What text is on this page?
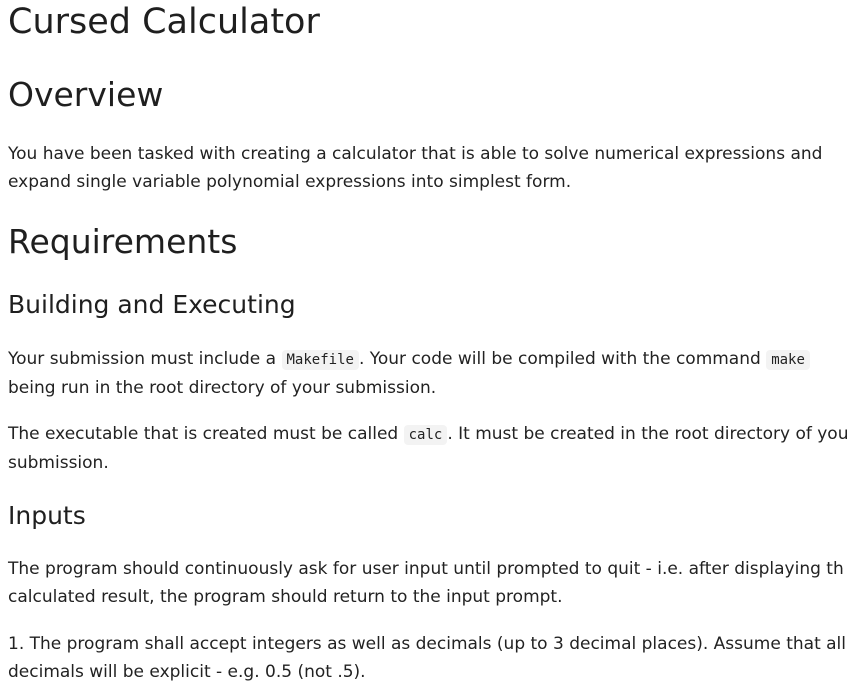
Cursed Calculator
Overview

You have been tasked with creating a calculator that is able to solve numerical expressions and
expand single variable polynomial expressions into simplest form.

Requirements
Building and Executing

Your submission must include a Makefile . Your code will be compiled with the command make
being run in the root directory of your submission.

The executable that is created must be called calc . It must be created in the root directory of you
submission.

Inputs

The program should continuously ask for user input until prompted to quit - i.e. after displaying th
calculated result, the program should return to the input prompt.

1. The program shall accept integers as well as decimals (up to 3 decimal places). Assume that all
decimals will be explicit - e.g. 0.5 (not .5).
